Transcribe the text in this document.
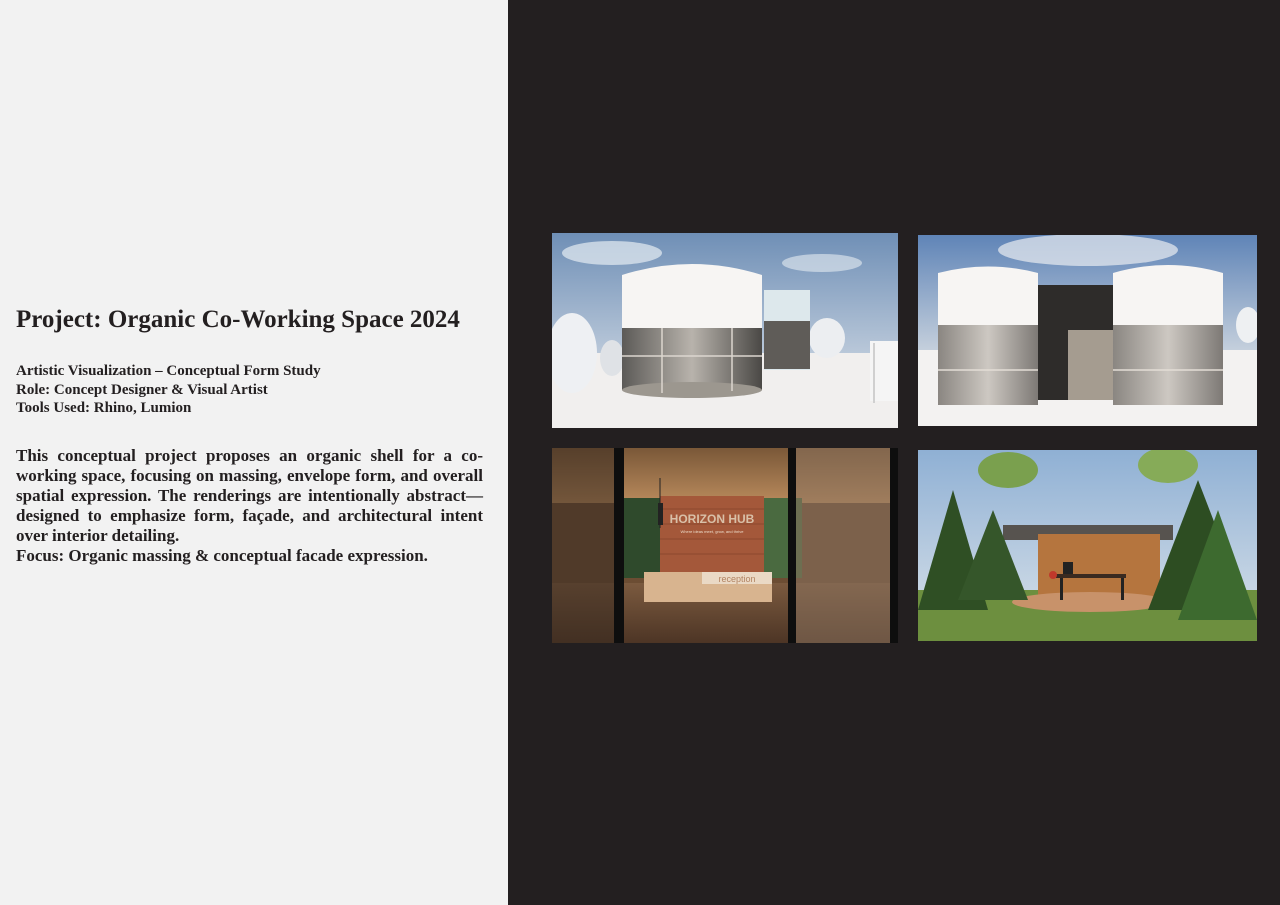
Project: Organic Co-Working Space 2024
Artistic Visualization – Conceptual Form Study
Role: Concept Designer & Visual Artist
Tools Used: Rhino, Lumion

This conceptual project proposes an organic shell for a co-working space, focusing on massing, envelope form, and overall spatial expression. The renderings are intentionally abstract—designed to emphasize form, façade, and architectural intent over interior detailing.

Focus: Organic massing & conceptual facade expression.
HORIZON HUB
Where ideas meet, grow, and thrive
reception
